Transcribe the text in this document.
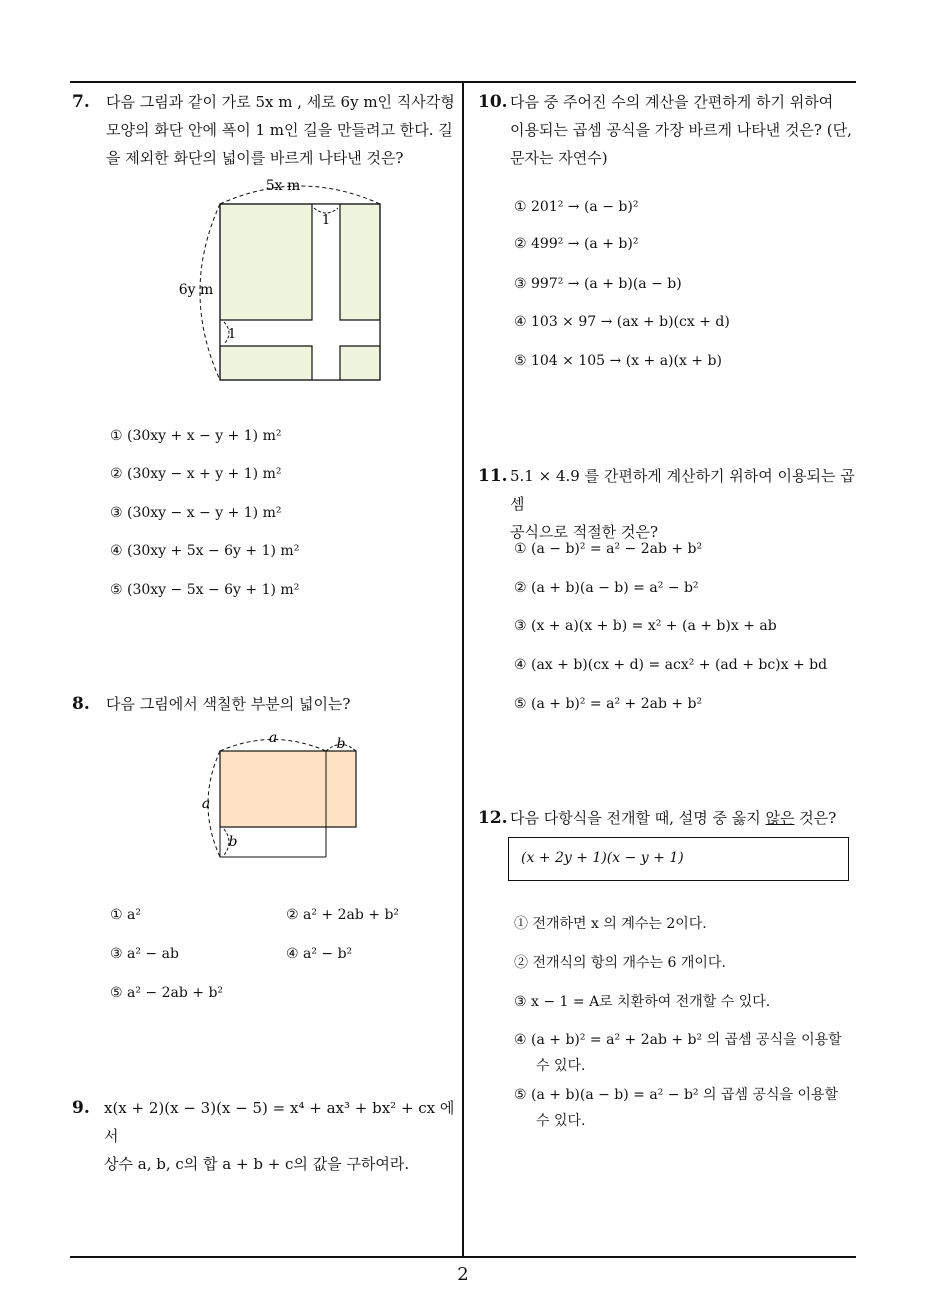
7. 다음 그림과 같이 가로 5x m , 세로 6y m인 직사각형
모양의 화단 안에 폭이 1 m인 길을 만들려고 한다. 길
을 제외한 화단의 넓이를 바르게 나타낸 것은?
5x m
6y m
1
1
① (30xy + x − y + 1) m²
② (30xy − x + y + 1) m²
③ (30xy − x − y + 1) m²
④ (30xy + 5x − 6y + 1) m²
⑤ (30xy − 5x − 6y + 1) m²
8. 다음 그림에서 색칠한 부분의 넓이는?
a	b
a
b
① a²	② a² + 2ab + b²
③ a² − ab	④ a² − b²
⑤ a² − 2ab + b²
9. x(x + 2)(x − 3)(x − 5) = x⁴ + ax³ + bx² + cx 에서
상수 a, b, c의 합 a + b + c의 값을 구하여라.
10. 다음 중 주어진 수의 계산을 간편하게 하기 위하여
이용되는 곱셈 공식을 가장 바르게 나타낸 것은? (단,
문자는 자연수)
① 201² → (a − b)²
② 499² → (a + b)²
③ 997² → (a + b)(a − b)
④ 103 × 97 → (ax + b)(cx + d)
⑤ 104 × 105 → (x + a)(x + b)
11. 5.1 × 4.9 를 간편하게 계산하기 위하여 이용되는 곱셈
공식으로 적절한 것은?
① (a − b)² = a² − 2ab + b²
② (a + b)(a − b) = a² − b²
③ (x + a)(x + b) = x² + (a + b)x + ab
④ (ax + b)(cx + d) = acx² + (ad + bc)x + bd
⑤ (a + b)² = a² + 2ab + b²
12. 다음 다항식을 전개할 때, 설명 중 옳지 않은 것은?
(x + 2y + 1)(x − y + 1)
① 전개하면 x 의 계수는 2이다.
② 전개식의 항의 개수는 6 개이다.
③ x − 1 = A로 치환하여 전개할 수 있다.
④ (a + b)² = a² + 2ab + b² 의 곱셈 공식을 이용할
수 있다.
⑤ (a + b)(a − b) = a² − b² 의 곱셈 공식을 이용할
수 있다.
2
